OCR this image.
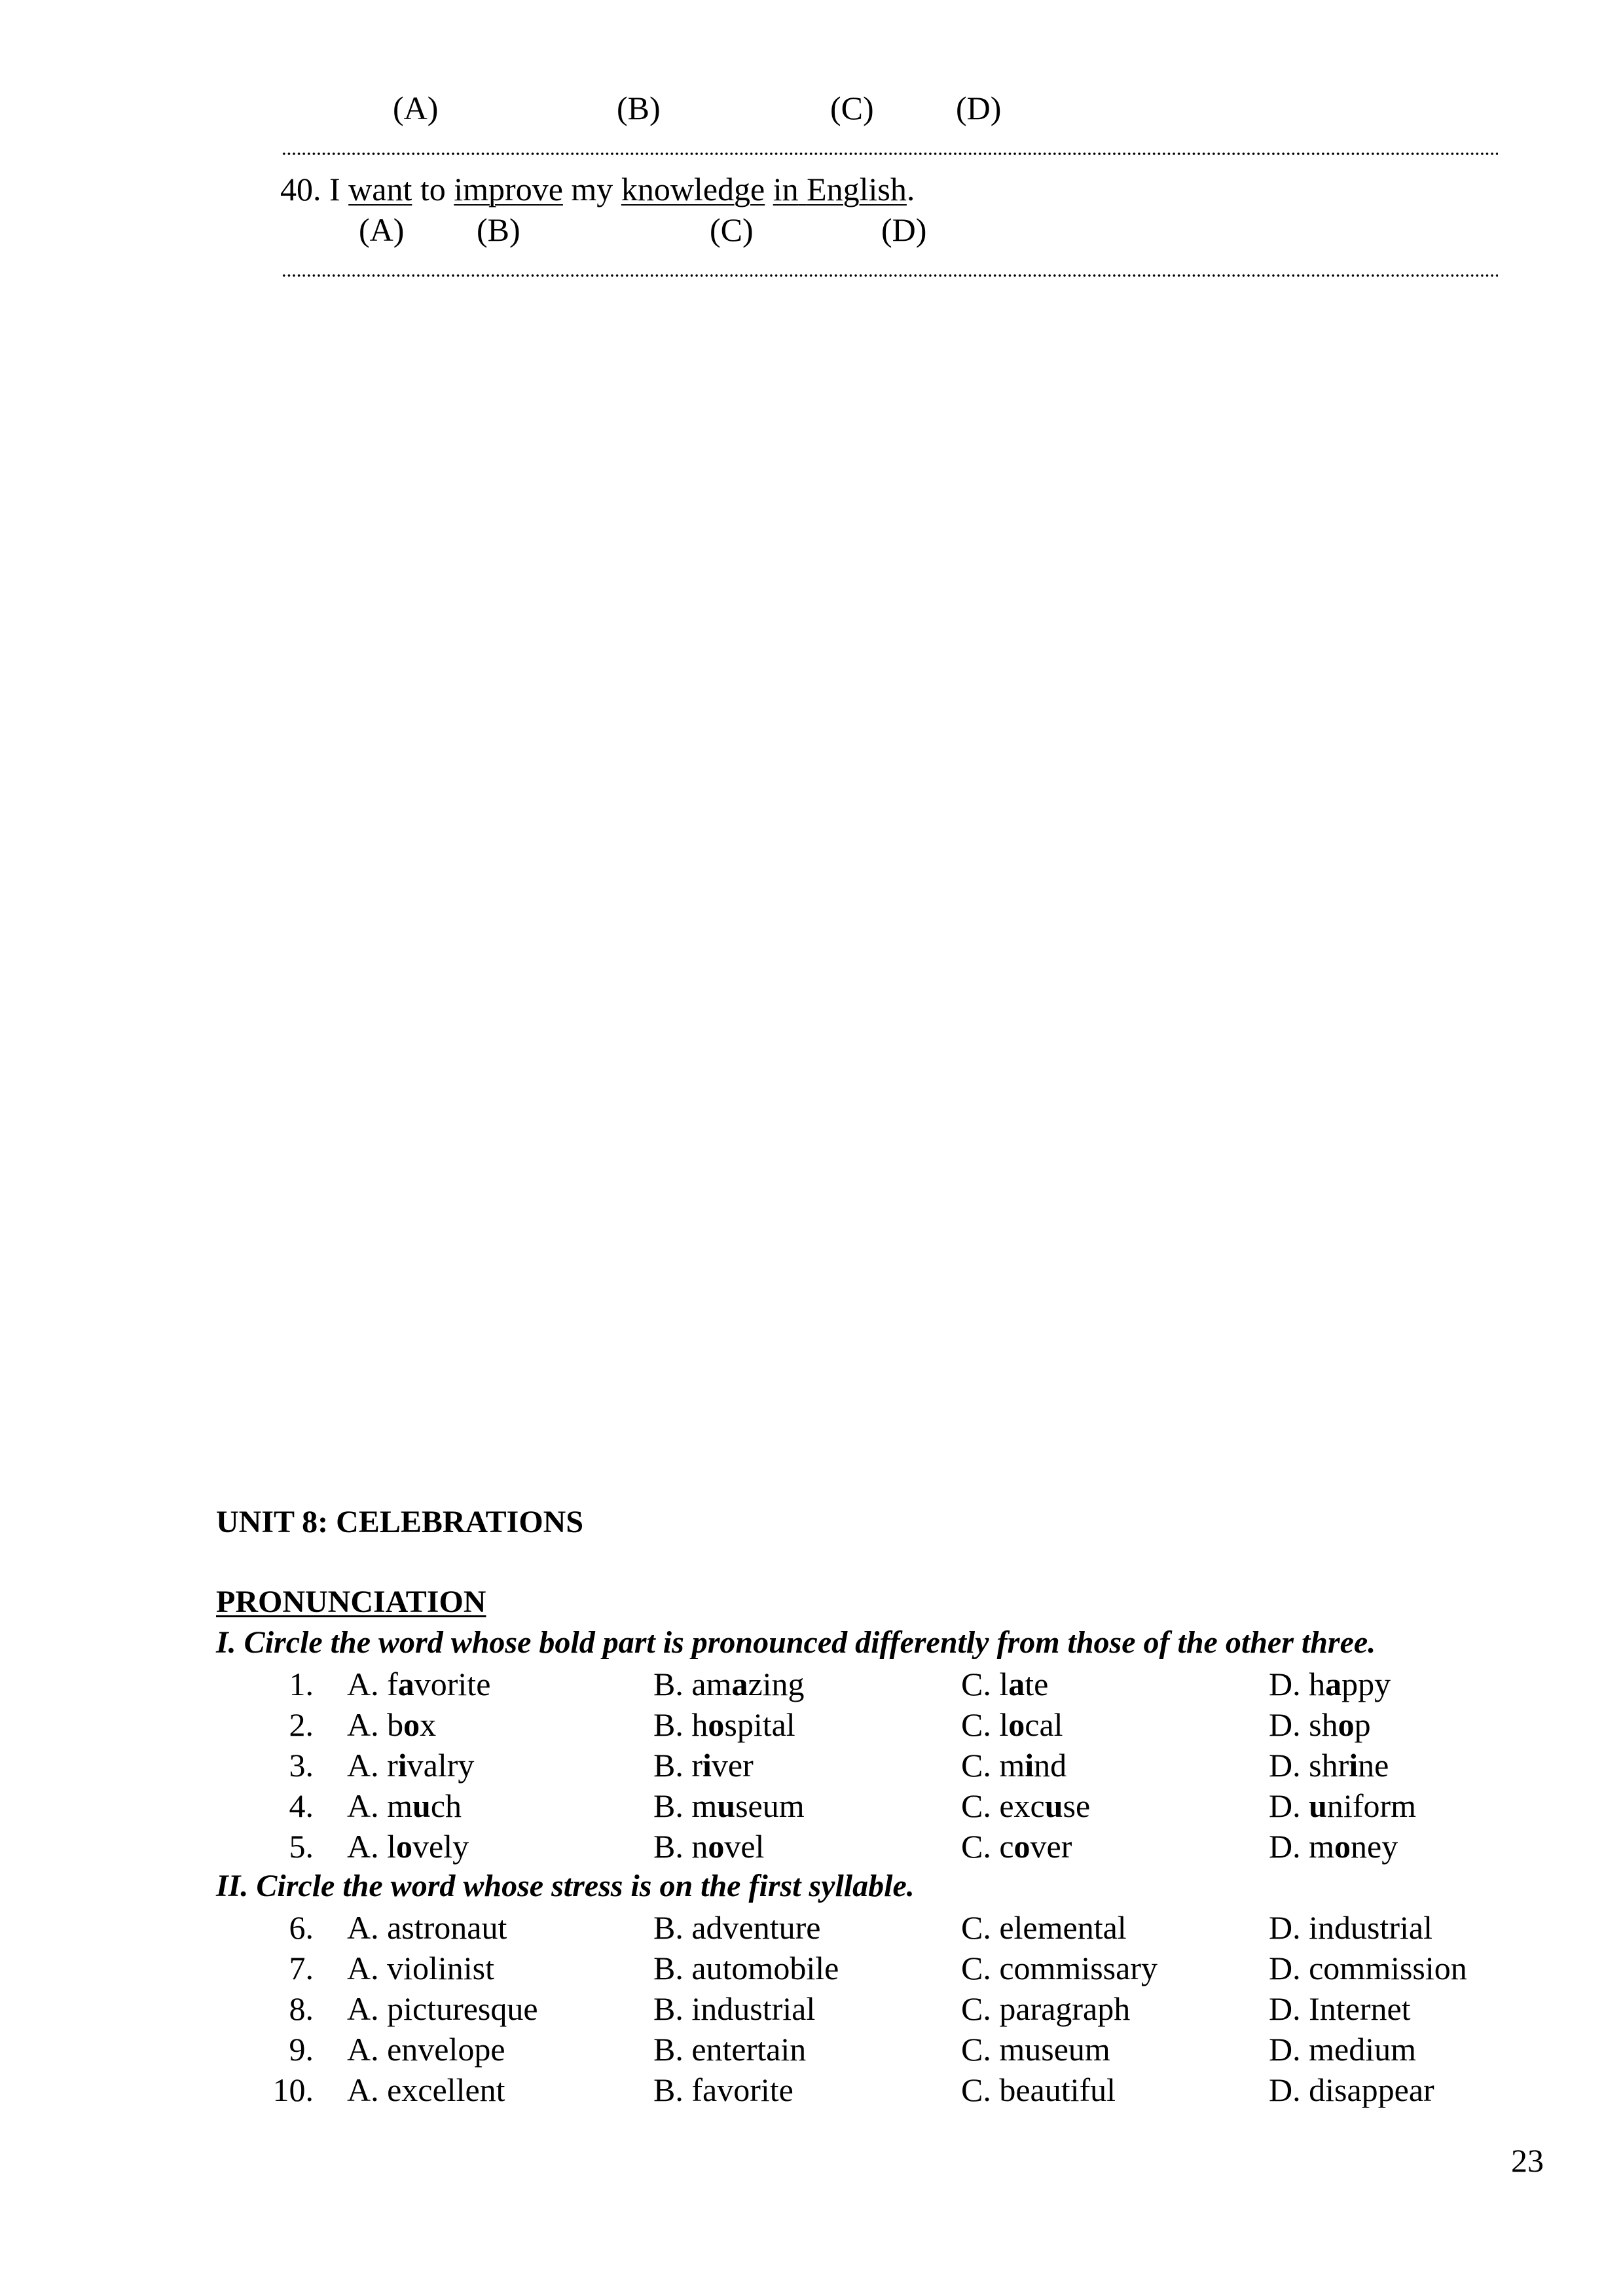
(A)	(B)	(C)	(D)
40. I want to improve my knowledge in English.
(A) (B)	(C)	(D)
UNIT 8: CELEBRATIONS
PRONUNCIATION
I. Circle the word whose bold part is pronounced differently from those of the other three.
1. A. favorite	B. amazing	C. late	D. happy
2. A. box	B. hospital	C. local	D. shop
3. A. rivalry	B. river	C. mind	D. shrine
4. A. much	B. museum	C. excuse	D. uniform
5. A. lovely	B. novel	C. cover	D. money
II. Circle the word whose stress is on the first syllable.
6. A. astronaut	B. adventure	C. elemental	D. industrial
7. A. violinist	B. automobile	C. commissary	D. commission
8. A. picturesque	B. industrial	C. paragraph	D. Internet
9. A. envelope	B. entertain	C. museum	D. medium
10. A. excellent	B. favorite	C. beautiful	D. disappear
23
